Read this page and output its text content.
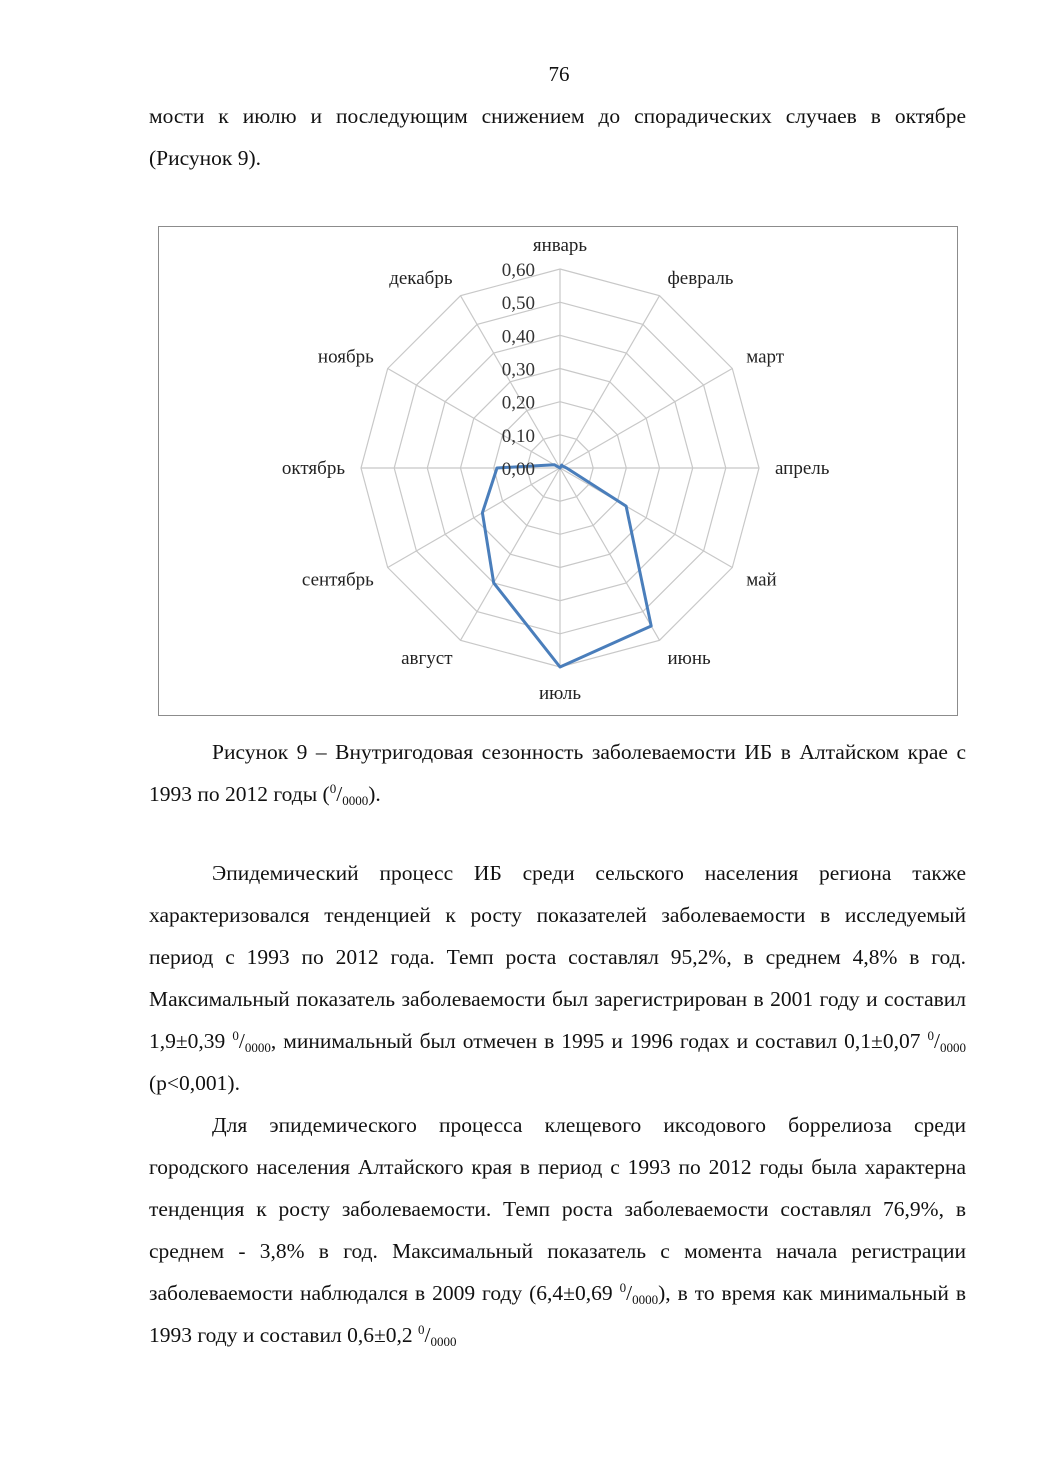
76

мости к июлю и последующим снижением до спорадических случаев в октябре (Рисунок 9).

0,00
0,10
0,20
0,30
0,40
0,50
0,60
январь
февраль
март
апрель
май
июнь
июль
август
сентябрь
октябрь
ноябрь
декабрь
Рисунок 9 – Внутригодовая сезонность заболеваемости ИБ в Алтайском крае с 1993 по 2012 годы $(^0/_{0000})$.

Эпидемический процесс ИБ среди сельского населения региона также характеризовался тенденцией к росту показателей заболеваемости в исследуемый период с 1993 по 2012 года. Темп роста составлял 95,2%, в среднем 4,8% в год. Максимальный показатель заболеваемости был зарегистрирован в 2001 году и составил 1,9±0,39 $^0/_{0000}$, минимальный был отмечен в 1995 и 1996 годах и составил 0,1±0,07 $^0/_{0000}$ (p<0,001).

Для эпидемического процесса клещевого иксодового боррелиоза среди городского населения Алтайского края в период с 1993 по 2012 годы была характерна тенденция к росту заболеваемости. Темп роста заболеваемости составлял 76,9%, в среднем - 3,8% в год. Максимальный показатель с момента начала регистрации заболеваемости наблюдался в 2009 году (6,4±0,69 $^0/_{0000}$), в то время как минимальный в 1993 году и составил 0,6±0,2 $^0/_{0000}$
